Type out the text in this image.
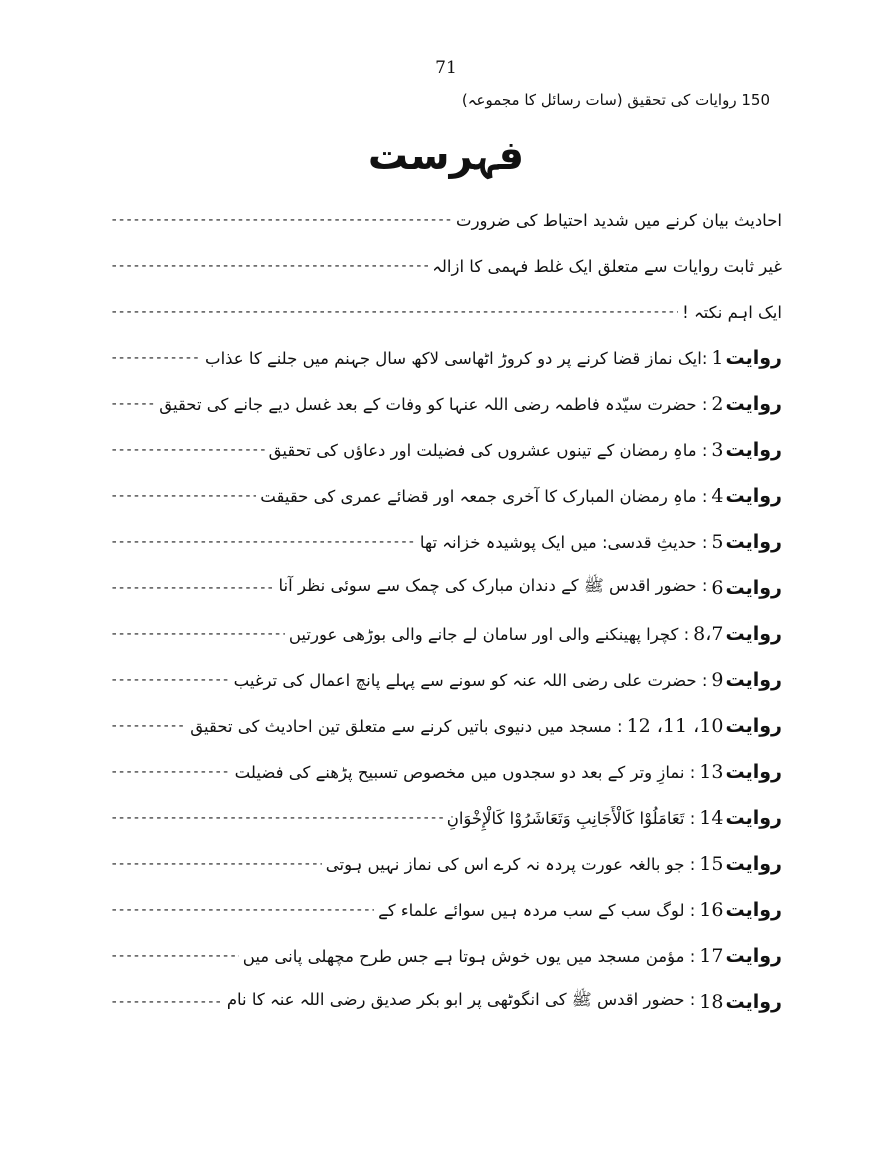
71
150 روایات کی تحقیق (سات رسائل کا مجموعہ)
فہرست
احادیث بیان کرنے میں شدید احتیاط کی ضرورت
-----
غیر ثابت روایات سے متعلق ایک غلط فہمی کا ازالہ
-----
ایک اہم نکتہ !
-----
روایت
1
:ایک نماز قضا کرنے پر دو کروڑ اٹھاسی لاکھ سال جہنم میں جلنے کا عذاب
-----
روایت
2
: حضرت سیّدہ فاطمہ رضی اللہ عنہا کو وفات کے بعد غسل دیے جانے کی تحقیق
-----
روایت
3
: ماہِ رمضان کے تینوں عشروں کی فضیلت اور دعاؤں کی تحقیق
-----
روایت
4
: ماہِ رمضان المبارک کا آخری جمعہ اور قضائے عمری کی حقیقت
-----
روایت
5
: حدیثِ قدسی: میں ایک پوشیدہ خزانہ تھا
-----
روایت
6
: حضور اقدس ﷺ کے دندان مبارک کی چمک سے سوئی نظر آنا
-----
روایت
8،7
: کچرا پھینکنے والی اور سامان لے جانے والی بوڑھی عورتیں
-----
روایت
9
: حضرت علی رضی اللہ عنہ کو سونے سے پہلے پانچ اعمال کی ترغیب
-----
روایت
10، 11، 12
: مسجد میں دنیوی باتیں کرنے سے متعلق تین احادیث کی تحقیق
-----
روایت
13
: نمازِ وتر کے بعد دو سجدوں میں مخصوص تسبیح پڑھنے کی فضیلت
-----
روایت
14
: تَعَامَلُوْا كَالْأَجَانِبِ وَتَعَاشَرُوْا كَالْإِخْوَانِ
-----
روایت
15
: جو بالغہ عورت پردہ نہ کرے اس کی نماز نہیں ہوتی
-----
روایت
16
: لوگ سب کے سب مردہ ہیں سوائے علماء کے
-----
روایت
17
: مؤمن مسجد میں یوں خوش ہوتا ہے جس طرح مچھلی پانی میں
-----
روایت
18
: حضور اقدس ﷺ کی انگوٹھی پر ابو بکر صدیق رضی اللہ عنہ کا نام
-----
